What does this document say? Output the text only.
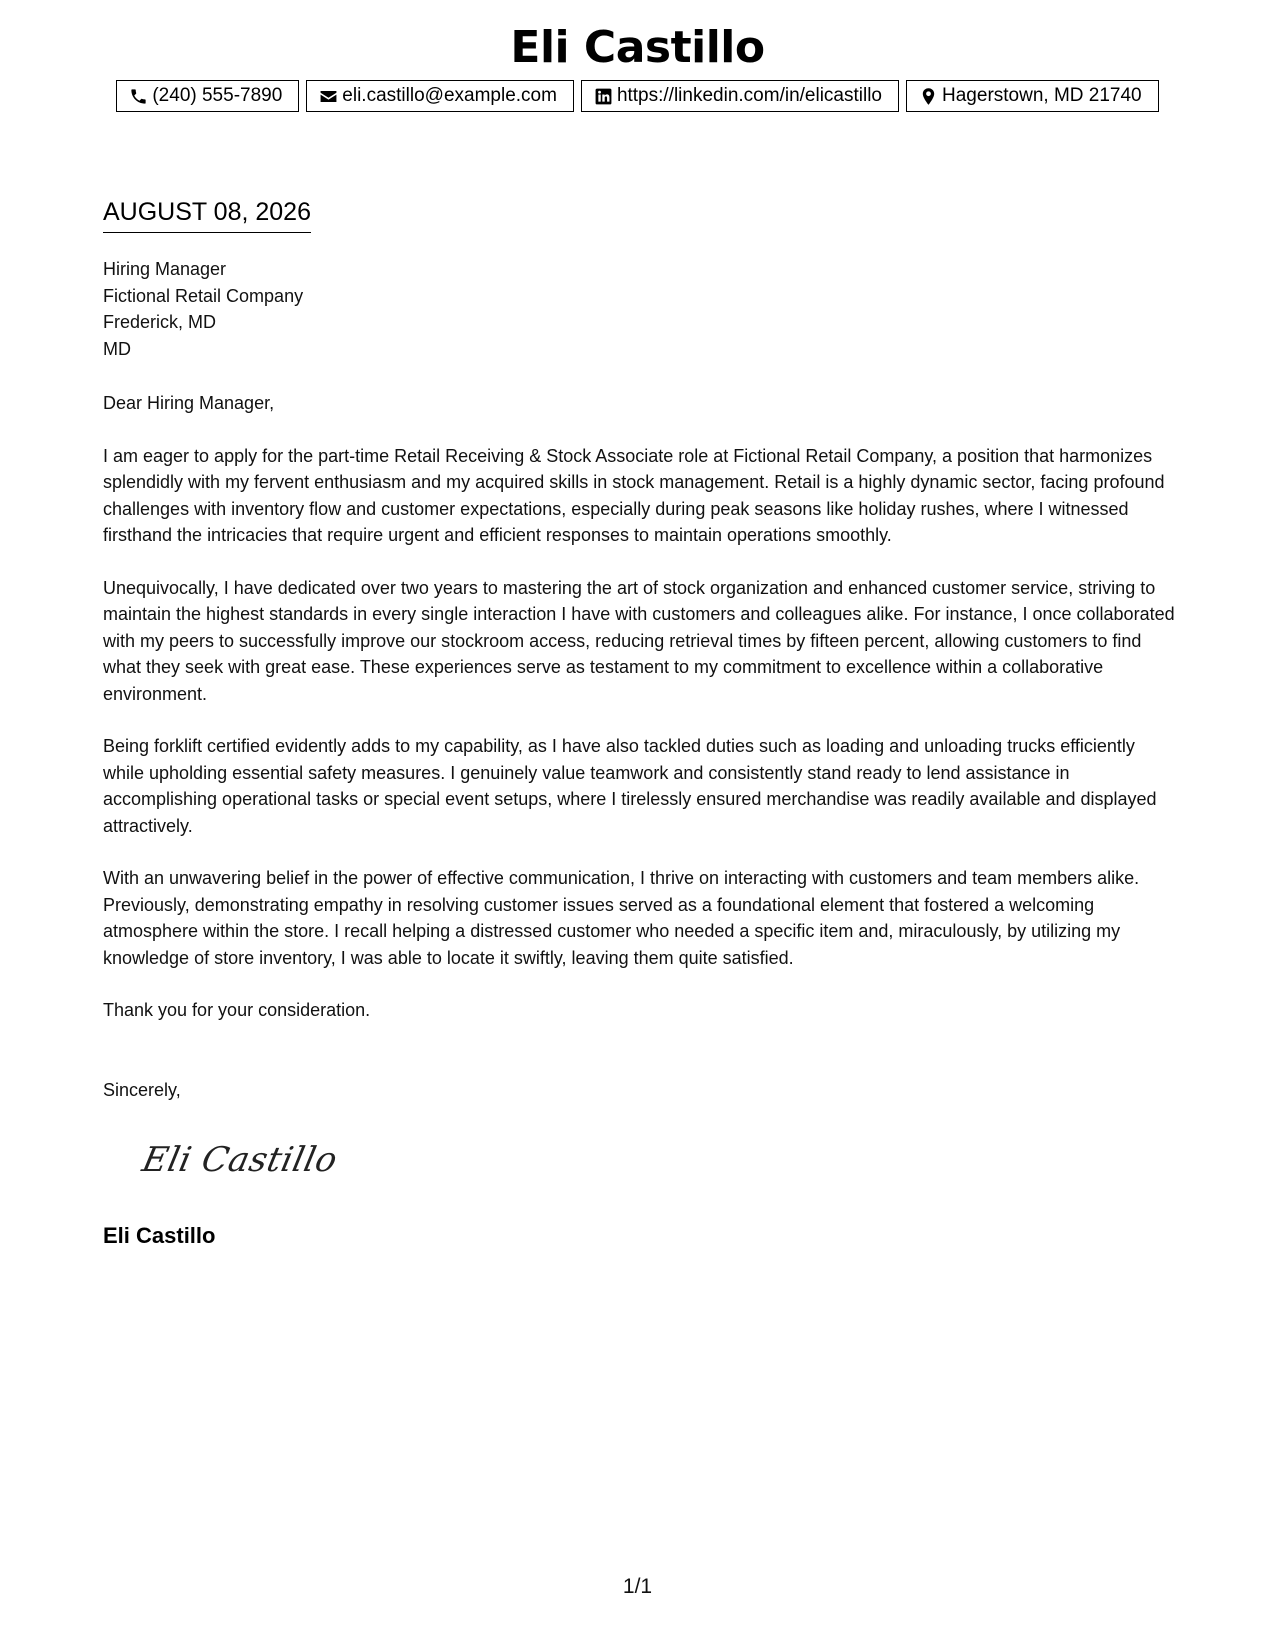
Eli Castillo
(240) 555-7890	eli.castillo@example.com	https://linkedin.com/in/elicastillo	Hagerstown, MD 21740
AUGUST 08, 2026
Hiring Manager
Fictional Retail Company
Frederick, MD
MD
Dear Hiring Manager,

I am eager to apply for the part-time Retail Receiving & Stock Associate role at Fictional Retail Company, a position that harmonizes splendidly with my fervent enthusiasm and my acquired skills in stock management. Retail is a highly dynamic sector, facing profound challenges with inventory flow and customer expectations, especially during peak seasons like holiday rushes, where I witnessed firsthand the intricacies that require urgent and efficient responses to maintain operations smoothly.

Unequivocally, I have dedicated over two years to mastering the art of stock organization and enhanced customer service, striving to maintain the highest standards in every single interaction I have with customers and colleagues alike. For instance, I once collaborated with my peers to successfully improve our stockroom access, reducing retrieval times by fifteen percent, allowing customers to find what they seek with great ease. These experiences serve as testament to my commitment to excellence within a collaborative environment.

Being forklift certified evidently adds to my capability, as I have also tackled duties such as loading and unloading trucks efficiently while upholding essential safety measures. I genuinely value teamwork and consistently stand ready to lend assistance in accomplishing operational tasks or special event setups, where I tirelessly ensured merchandise was readily available and displayed attractively.

With an unwavering belief in the power of effective communication, I thrive on interacting with customers and team members alike. Previously, demonstrating empathy in resolving customer issues served as a foundational element that fostered a welcoming atmosphere within the store. I recall helping a distressed customer who needed a specific item and, miraculously, by utilizing my knowledge of store inventory, I was able to locate it swiftly, leaving them quite satisfied.

Thank you for your consideration.

Sincerely,
Eli Castillo
Eli Castillo
1/1
